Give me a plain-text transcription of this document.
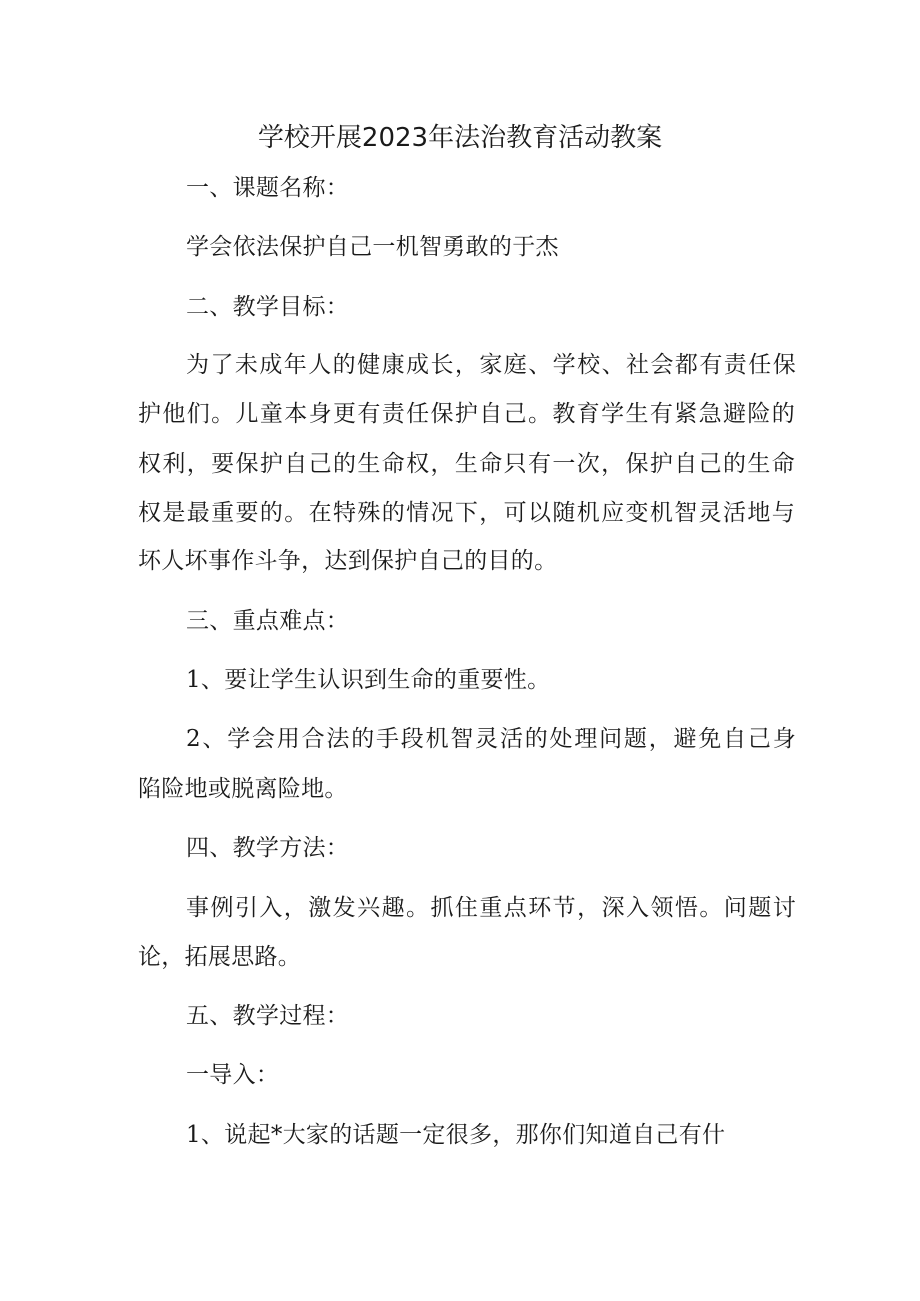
学校开展2023年法治教育活动教案
一、课题名称：
学会依法保护自己一机智勇敢的于杰
二、教学目标：
为了未成年人的健康成长，家庭、学校、社会都有责任保
护他们。儿童本身更有责任保护自己。教育学生有紧急避险的
权利，要保护自己的生命权，生命只有一次，保护自己的生命
权是最重要的。在特殊的情况下，可以随机应变机智灵活地与
坏人坏事作斗争，达到保护自己的目的。
三、重点难点：
1、要让学生认识到生命的重要性。
2、学会用合法的手段机智灵活的处理问题，避免自己身
陷险地或脱离险地。
四、教学方法：
事例引入，激发兴趣。抓住重点环节，深入领悟。问题讨
论，拓展思路。
五、教学过程：
一导入：
1、说起*大家的话题一定很多，那你们知道自己有什
